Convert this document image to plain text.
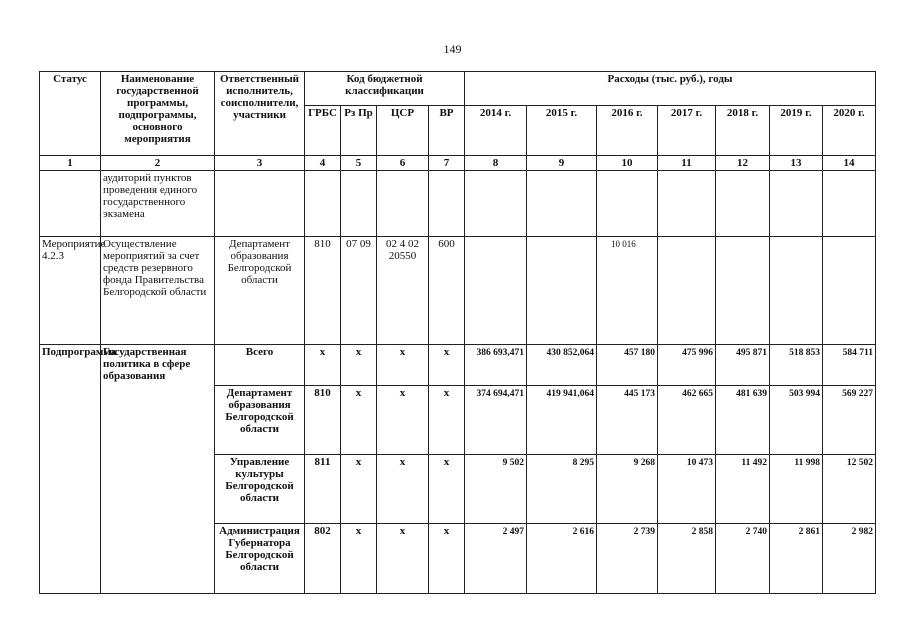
149
Статус	Наименование государственной программы, подпрограммы, основного мероприятия	Ответственный исполнитель, соисполнители, участники	Код бюджетной классификации				Расходы (тыс. руб.), годы						
			ГРБС	Рз Пр	ЦСР	ВР	2014 г.	2015 г.	2016 г.	2017 г.	2018 г.	2019 г.	2020 г.
1	2	3	4	5	6	7	8	9	10	11	12	13	14
	аудиторий пунктов проведения единого государственного экзамена												
Мероприятие 4.2.3	Осуществление мероприятий за счет средств резервного фонда Правительства Белгородской области	Департамент образования Белгородской области	810	07 09	02 4 02 20550	600			10 016				
Подпрограмма	Государственная политика в сфере образования	Всего	х	х	х	х	386 693,471	430 852,064	457 180	475 996	495 871	518 853	584 711
		Департамент образования Белгородской области	810	х	х	х	374 694,471	419 941,064	445 173	462 665	481 639	503 994	569 227
		Управление культуры Белгородской области	811	х	х	х	9 502	8 295	9 268	10 473	11 492	11 998	12 502
		Администрация Губернатора Белгородской области	802	х	х	х	2 497	2 616	2 739	2 858	2 740	2 861	2 982
